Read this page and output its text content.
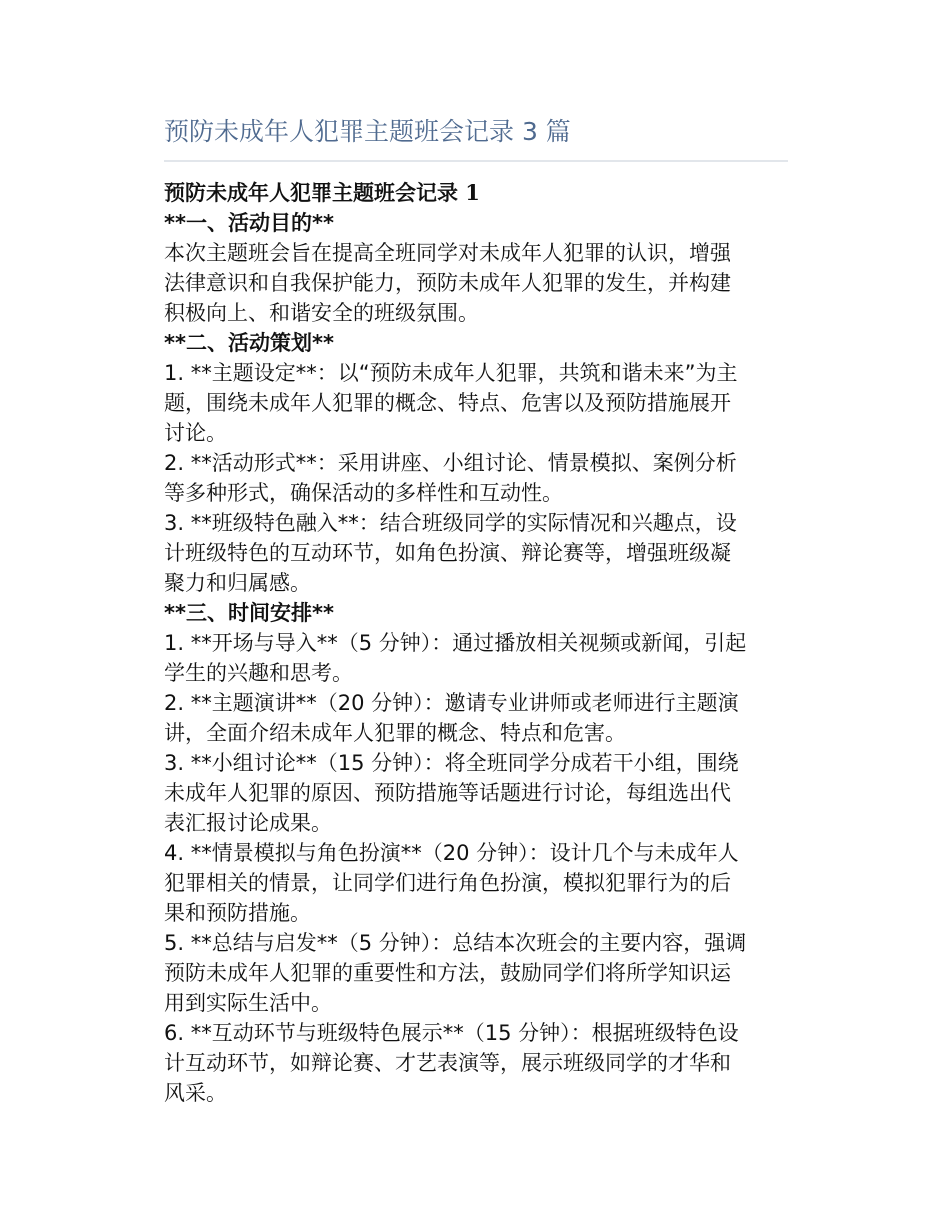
预防未成年人犯罪主题班会记录 3 篇
预防未成年人犯罪主题班会记录 1
**一、活动目的**
本次主题班会旨在提高全班同学对未成年人犯罪的认识，增强
法律意识和自我保护能力，预防未成年人犯罪的发生，并构建
积极向上、和谐安全的班级氛围。
**二、活动策划**
1. **主题设定**：以“预防未成年人犯罪，共筑和谐未来”为主
题，围绕未成年人犯罪的概念、特点、危害以及预防措施展开
讨论。
2. **活动形式**：采用讲座、小组讨论、情景模拟、案例分析
等多种形式，确保活动的多样性和互动性。
3. **班级特色融入**：结合班级同学的实际情况和兴趣点，设
计班级特色的互动环节，如角色扮演、辩论赛等，增强班级凝
聚力和归属感。
**三、时间安排**
1. **开场与导入**（5 分钟）：通过播放相关视频或新闻，引起
学生的兴趣和思考。
2. **主题演讲**（20 分钟）：邀请专业讲师或老师进行主题演
讲，全面介绍未成年人犯罪的概念、特点和危害。
3. **小组讨论**（15 分钟）：将全班同学分成若干小组，围绕
未成年人犯罪的原因、预防措施等话题进行讨论，每组选出代
表汇报讨论成果。
4. **情景模拟与角色扮演**（20 分钟）：设计几个与未成年人
犯罪相关的情景，让同学们进行角色扮演，模拟犯罪行为的后
果和预防措施。
5. **总结与启发**（5 分钟）：总结本次班会的主要内容，强调
预防未成年人犯罪的重要性和方法，鼓励同学们将所学知识运
用到实际生活中。
6. **互动环节与班级特色展示**（15 分钟）：根据班级特色设
计互动环节，如辩论赛、才艺表演等，展示班级同学的才华和
风采。
